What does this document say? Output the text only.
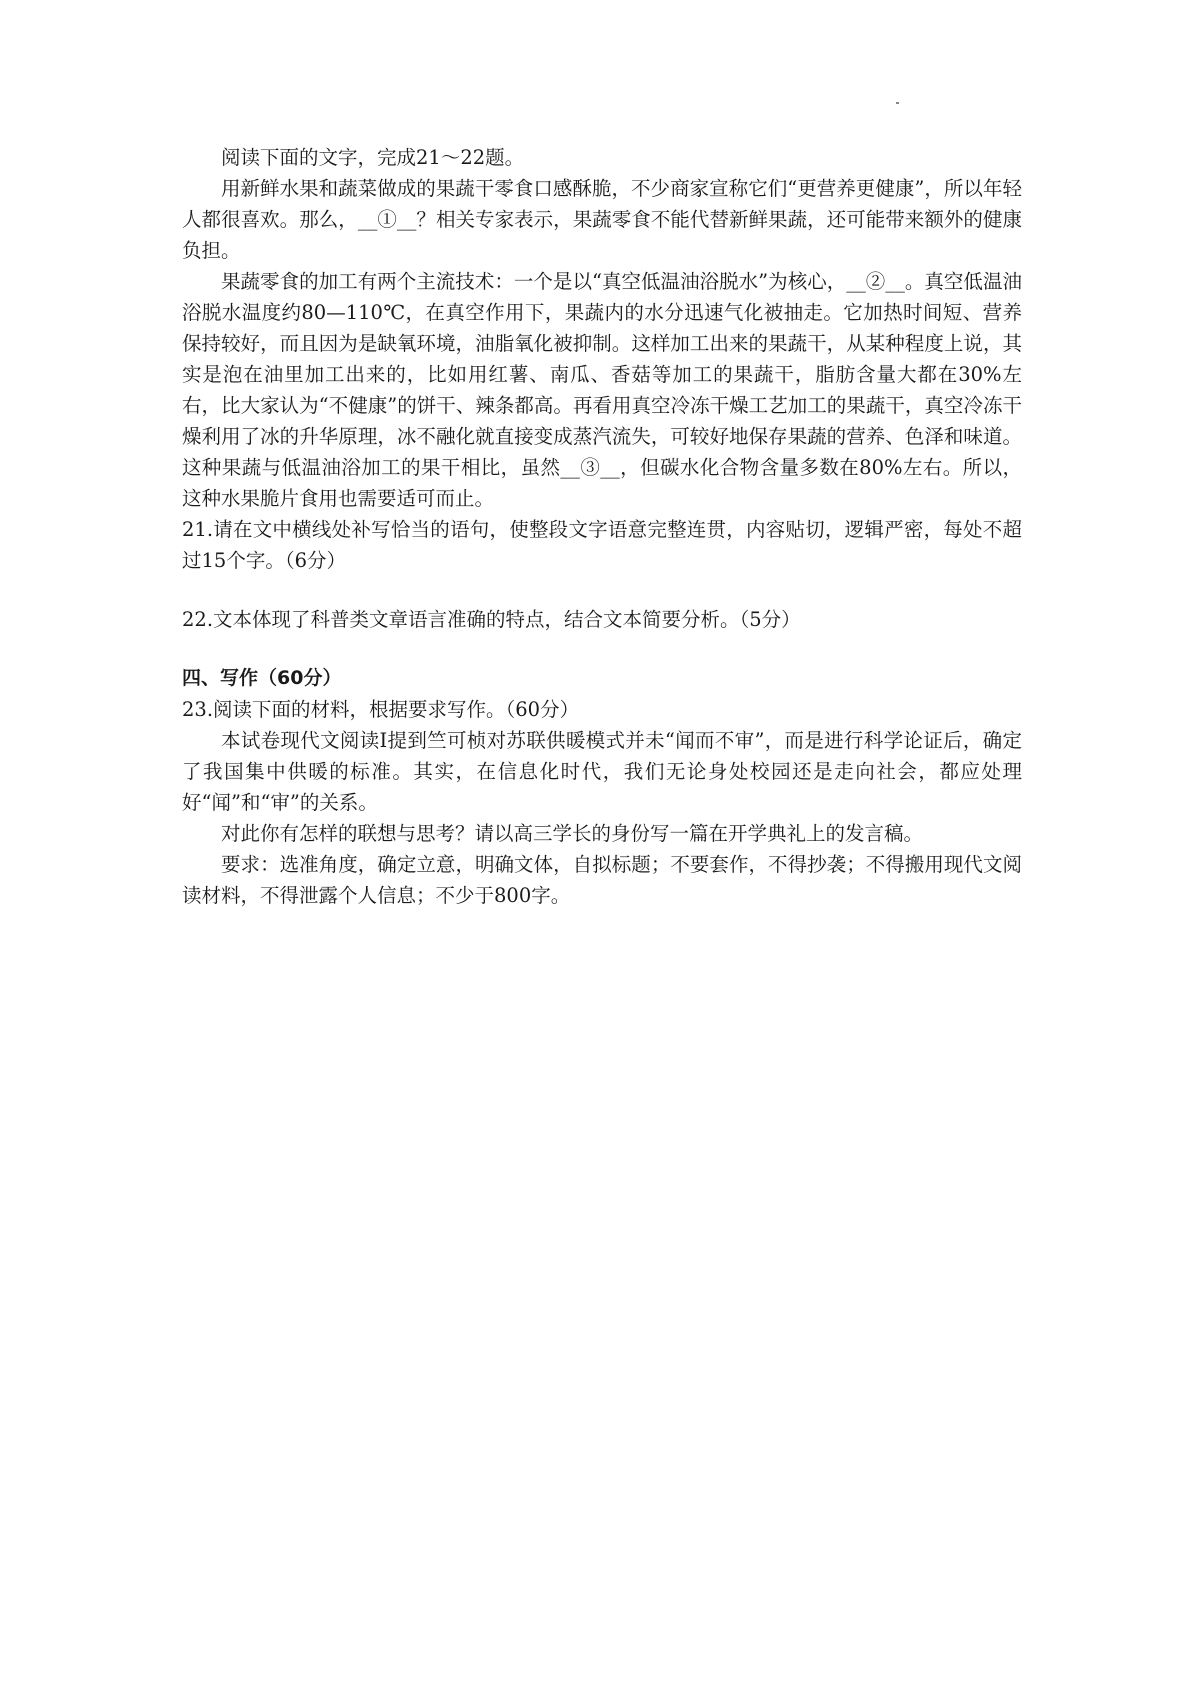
阅读下面的文字，完成21～22题。

用新鲜水果和蔬菜做成的果蔬干零食口感酥脆，不少商家宣称它们“更营养更健康”，所以年轻人都很喜欢。那么，__①__？相关专家表示，果蔬零食不能代替新鲜果蔬，还可能带来额外的健康负担。

果蔬零食的加工有两个主流技术：一个是以“真空低温油浴脱水”为核心，__②__。真空低温油浴脱水温度约80—110℃，在真空作用下，果蔬内的水分迅速气化被抽走。它加热时间短、营养保持较好，而且因为是缺氧环境，油脂氧化被抑制。这样加工出来的果蔬干，从某种程度上说，其实是泡在油里加工出来的，比如用红薯、南瓜、香菇等加工的果蔬干，脂肪含量大都在30%左右，比大家认为“不健康”的饼干、辣条都高。再看用真空冷冻干燥工艺加工的果蔬干，真空冷冻干燥利用了冰的升华原理，冰不融化就直接变成蒸汽流失，可较好地保存果蔬的营养、色泽和味道。这种果蔬与低温油浴加工的果干相比，虽然__③__，但碳水化合物含量多数在80%左右。所以，这种水果脆片食用也需要适可而止。

21.请在文中横线处补写恰当的语句，使整段文字语意完整连贯，内容贴切，逻辑严密，每处不超过15个字。（6分）

22.文本体现了科普类文章语言准确的特点，结合文本简要分析。（5分）

四、写作（60分）

23.阅读下面的材料，根据要求写作。（60分）

本试卷现代文阅读Ⅰ提到竺可桢对苏联供暖模式并未“闻而不审”，而是进行科学论证后，确定了我国集中供暖的标准。其实，在信息化时代，我们无论身处校园还是走向社会，都应处理好“闻”和“审”的关系。

对此你有怎样的联想与思考？请以高三学长的身份写一篇在开学典礼上的发言稿。

要求：选准角度，确定立意，明确文体，自拟标题；不要套作，不得抄袭；不得搬用现代文阅读材料，不得泄露个人信息；不少于800字。
